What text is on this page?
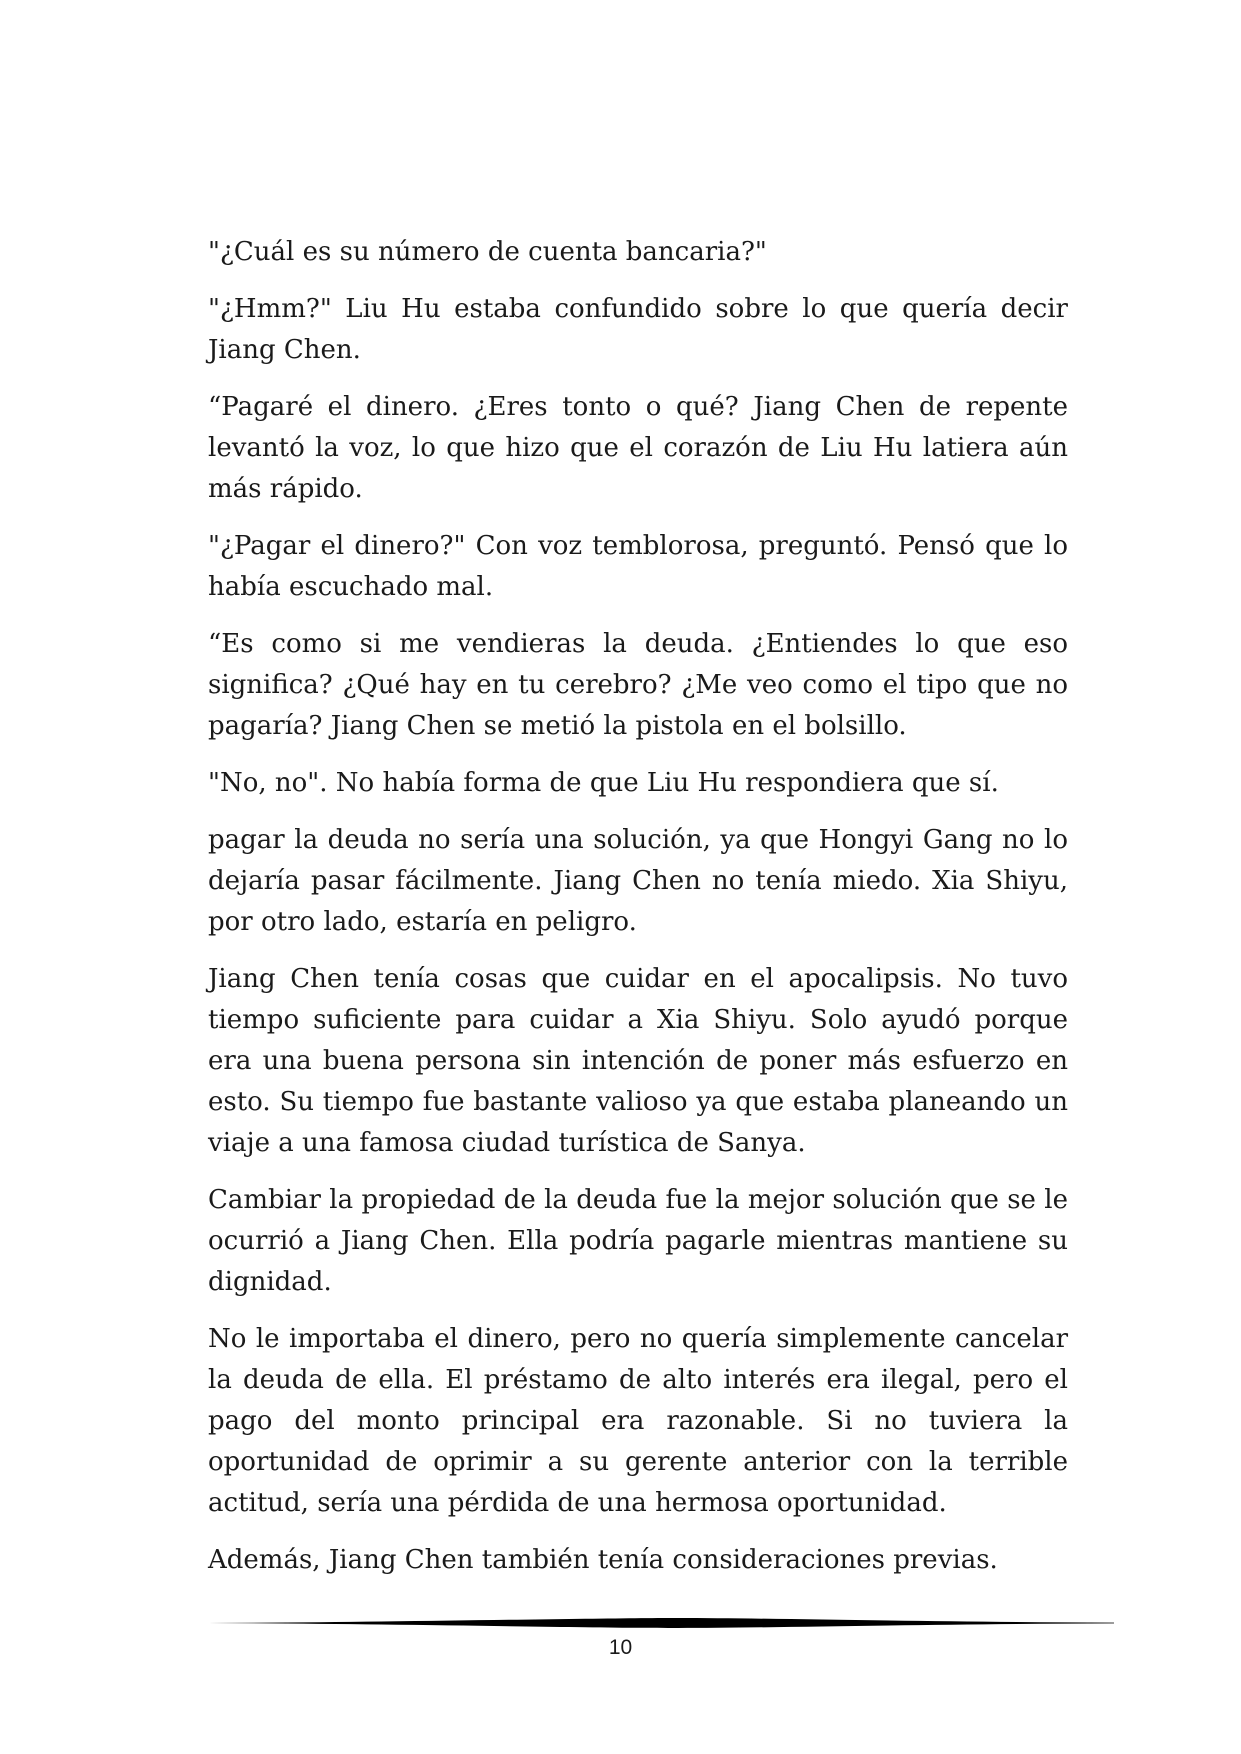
"¿Cuál es su número de cuenta bancaria?"

"¿Hmm?" Liu Hu estaba confundido sobre lo que quería decir Jiang Chen.

“Pagaré el dinero. ¿Eres tonto o qué? Jiang Chen de repente levantó la voz, lo que hizo que el corazón de Liu Hu latiera aún más rápido.

"¿Pagar el dinero?" Con voz temblorosa, preguntó. Pensó que lo había escuchado mal.

“Es como si me vendieras la deuda. ¿Entiendes lo que eso significa? ¿Qué hay en tu cerebro? ¿Me veo como el tipo que no pagaría? Jiang Chen se metió la pistola en el bolsillo.

"No, no". No había forma de que Liu Hu respondiera que sí.

pagar la deuda no sería una solución, ya que Hongyi Gang no lo dejaría pasar fácilmente. Jiang Chen no tenía miedo. Xia Shiyu, por otro lado, estaría en peligro.

Jiang Chen tenía cosas que cuidar en el apocalipsis. No tuvo tiempo suficiente para cuidar a Xia Shiyu. Solo ayudó porque era una buena persona sin intención de poner más esfuerzo en esto. Su tiempo fue bastante valioso ya que estaba planeando un viaje a una famosa ciudad turística de Sanya.

Cambiar la propiedad de la deuda fue la mejor solución que se le ocurrió a Jiang Chen. Ella podría pagarle mientras mantiene su dignidad.

No le importaba el dinero, pero no quería simplemente cancelar la deuda de ella. El préstamo de alto interés era ilegal, pero el pago del monto principal era razonable. Si no tuviera la oportunidad de oprimir a su gerente anterior con la terrible actitud, sería una pérdida de una hermosa oportunidad.

Además, Jiang Chen también tenía consideraciones previas.

10
